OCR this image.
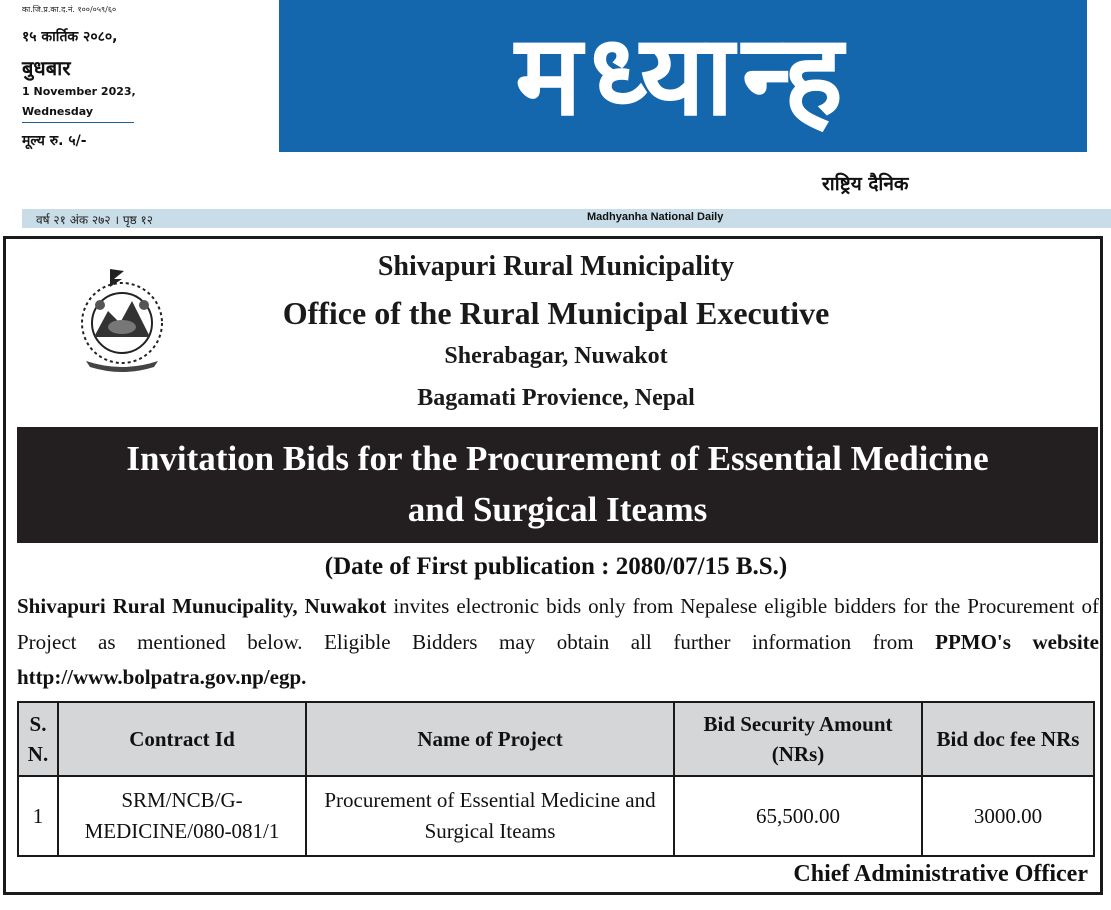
का.जि.प्र.का.द.नं. १००/०५९/६०
१५ कार्तिक २०८०,
बुधबार
1 November 2023,
Wednesday
मूल्य रु. ५/-	मध्यान्ह
राष्ट्रिय दैनिक
वर्ष २१ अंक २७२ । पृष्ठ १२	Madhyanha National Daily
Shivapuri Rural Municipality
Office of the Rural Municipal Executive
Sherabagar, Nuwakot
Bagamati Provience, Nepal
Invitation Bids for the Procurement of Essential Medicine
and Surgical Iteams
(Date of First publication : 2080/07/15 B.S.)
Shivapuri Rural Munucipality, Nuwakot invites electronic bids only from Nepalese eligible bidders for the Procurement of Project as mentioned below. Eligible Bidders may obtain all further information from PPMO's website http://www.bolpatra.gov.np/egp.
S. N.	Contract Id	Name of Project	Bid Security Amount (NRs)	Bid doc fee NRs
1	SRM/NCB/G-MEDICINE/080-081/1	Procurement of Essential Medicine and Surgical Iteams	65,500.00	3000.00
Chief Administrative Officer
